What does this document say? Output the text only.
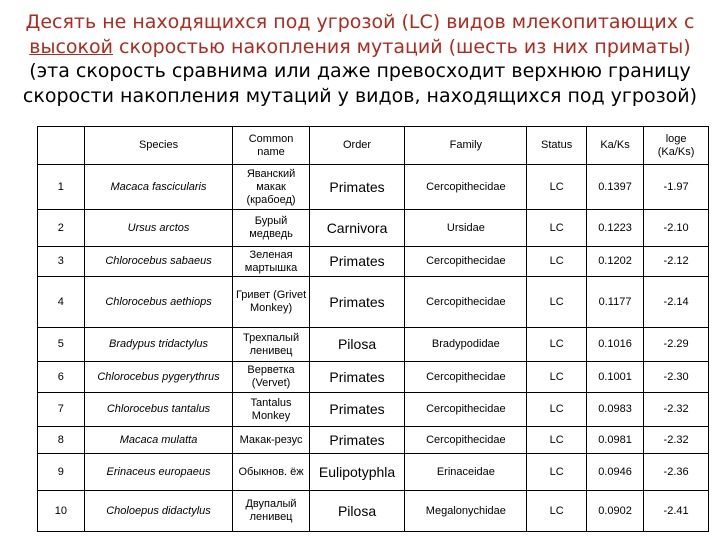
Десять не находящихся под угрозой (LC) видов млекопитающих с
высокой скоростью накопления мутаций (шесть из них приматы)
(эта скорость сравнима или даже превосходит верхнюю границу
скорости накопления мутаций у видов, находящихся под угрозой)
	Species	Common name	Order	Family	Status	Ka/Ks	loge (Ka/Ks)
1	Macaca fascicularis	Яванский макак (крабоед)	Primates	Cercopithecidae	LC	0.1397	-1.97
2	Ursus arctos	Бурый медведь	Carnivora	Ursidae	LC	0.1223	-2.10
3	Chlorocebus sabaeus	Зеленая мартышка	Primates	Cercopithecidae	LC	0.1202	-2.12
4	Chlorocebus aethiops	Гривет (Grivet Monkey)	Primates	Cercopithecidae	LC	0.1177	-2.14
5	Bradypus tridactylus	Трехпалый ленивец	Pilosa	Bradypodidae	LC	0.1016	-2.29
6	Chlorocebus pygerythrus	Верветка (Vervet)	Primates	Cercopithecidae	LC	0.1001	-2.30
7	Chlorocebus tantalus	Tantalus Monkey	Primates	Cercopithecidae	LC	0.0983	-2.32
8	Macaca mulatta	Макак-резус	Primates	Cercopithecidae	LC	0.0981	-2.32
9	Erinaceus europaeus	Обыкнов. ёж	Eulipotyphla	Erinaceidae	LC	0.0946	-2.36
10	Choloepus didactylus	Двупалый ленивец	Pilosa	Megalonychidae	LC	0.0902	-2.41
